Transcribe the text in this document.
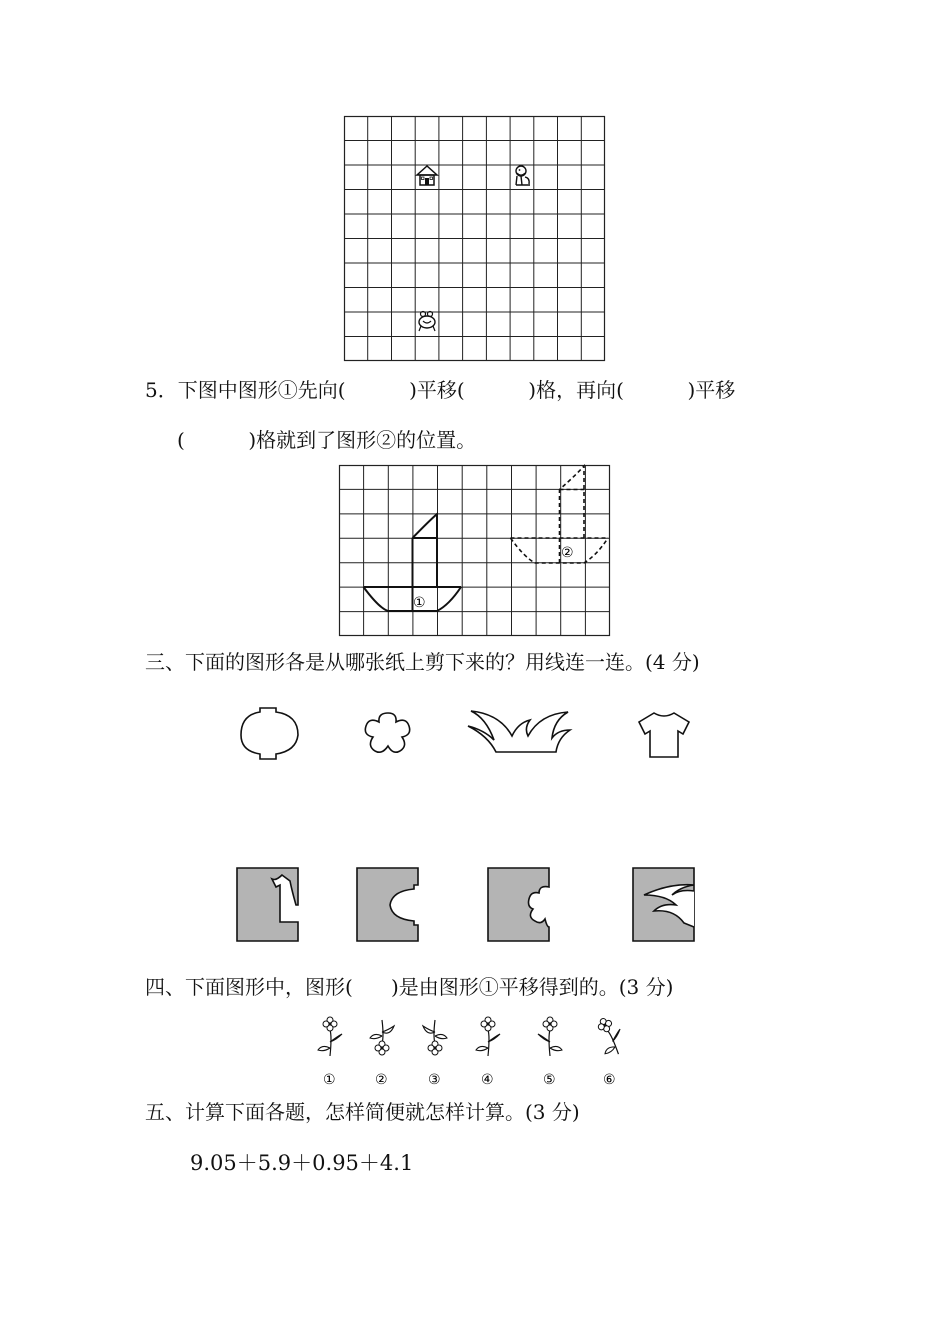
5．下图中图形①先向(          )平移(          )格，再向(          )平移
(          )格就到了图形②的位置。
①
②
三、下面的图形各是从哪张纸上剪下来的？用线连一连。(4 分)
四、下面图形中，图形(      )是由图形①平移得到的。(3 分)
①	②	③	④	⑤	⑥
五、计算下面各题，怎样简便就怎样计算。(3 分)
9.05＋5.9＋0.95＋4.1
